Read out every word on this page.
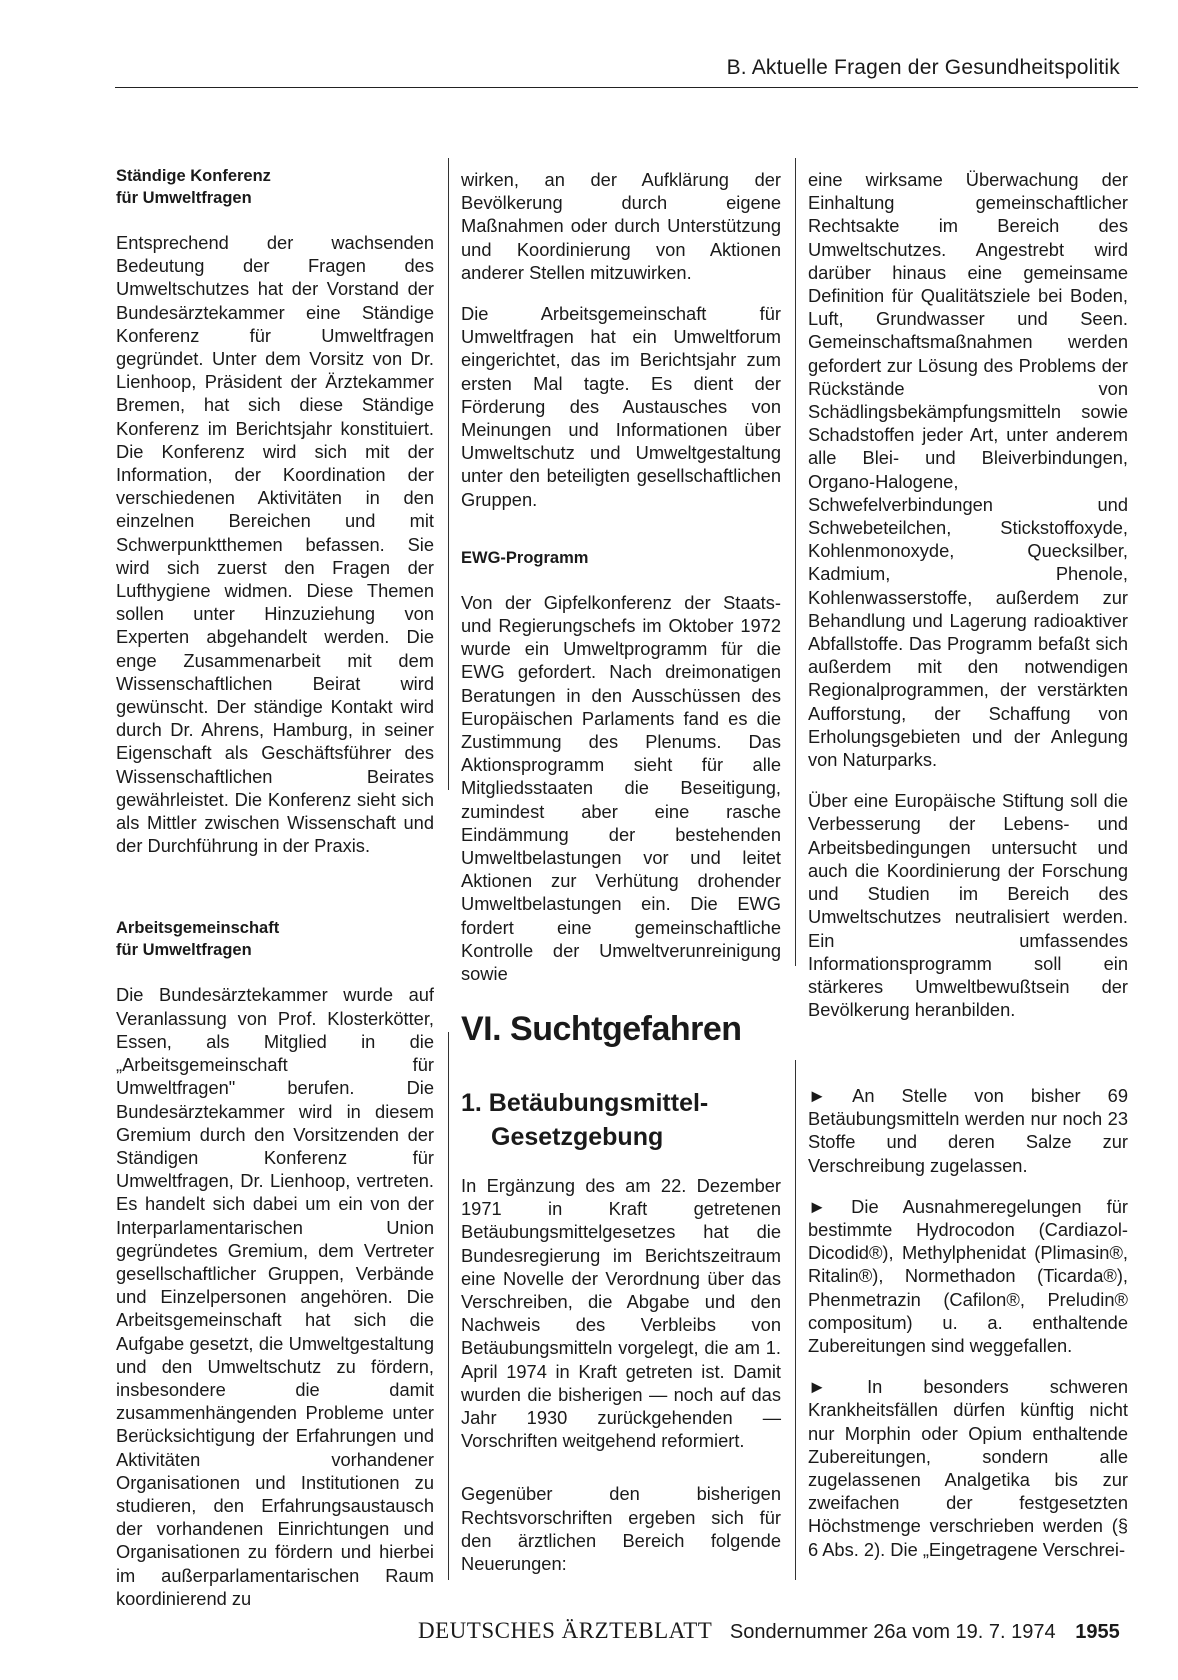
B. Aktuelle Fragen der Gesundheitspolitik
Ständige Konferenz
für Umweltfragen

Entsprechend der wachsenden Bedeutung der Fragen des Umweltschutzes hat der Vorstand der Bundesärztekammer eine Ständige Konferenz für Umweltfragen gegründet. Unter dem Vorsitz von Dr. Lienhoop, Präsident der Ärztekammer Bremen, hat sich diese Ständige Konferenz im Berichtsjahr konstituiert. Die Konferenz wird sich mit der Information, der Koordination der verschiedenen Aktivitäten in den einzelnen Bereichen und mit Schwerpunktthemen befassen. Sie wird sich zuerst den Fragen der Lufthygiene widmen. Diese Themen sollen unter Hinzuziehung von Experten abgehandelt werden. Die enge Zusammenarbeit mit dem Wissenschaftlichen Beirat wird gewünscht. Der ständige Kontakt wird durch Dr. Ahrens, Hamburg, in seiner Eigenschaft als Geschäftsführer des Wissenschaftlichen Beirates gewährleistet. Die Konferenz sieht sich als Mittler zwischen Wissenschaft und der Durchführung in der Praxis.

Arbeitsgemeinschaft
für Umweltfragen

Die Bundesärztekammer wurde auf Veranlassung von Prof. Klosterkötter, Essen, als Mitglied in die „Arbeitsgemeinschaft für Umweltfragen" berufen. Die Bundesärztekammer wird in diesem Gremium durch den Vorsitzenden der Ständigen Konferenz für Umweltfragen, Dr. Lienhoop, vertreten. Es handelt sich dabei um ein von der Interparlamentarischen Union gegründetes Gremium, dem Vertreter gesellschaftlicher Gruppen, Verbände und Einzelpersonen angehören. Die Arbeitsgemeinschaft hat sich die Aufgabe gesetzt, die Umweltgestaltung und den Umweltschutz zu fördern, insbesondere die damit zusammenhängenden Probleme unter Berücksichtigung der Erfahrungen und Aktivitäten vorhandener Organisationen und Institutionen zu studieren, den Erfahrungsaustausch der vorhandenen Einrichtungen und Organisationen zu fördern und hierbei im außerparlamentarischen Raum koordinierend zu

wirken, an der Aufklärung der Bevölkerung durch eigene Maßnahmen oder durch Unterstützung und Koordinierung von Aktionen anderer Stellen mitzuwirken.

Die Arbeitsgemeinschaft für Umweltfragen hat ein Umweltforum eingerichtet, das im Berichtsjahr zum ersten Mal tagte. Es dient der Förderung des Austausches von Meinungen und Informationen über Umweltschutz und Umweltgestaltung unter den beteiligten gesellschaftlichen Gruppen.

EWG-Programm

Von der Gipfelkonferenz der Staats- und Regierungschefs im Oktober 1972 wurde ein Umweltprogramm für die EWG gefordert. Nach dreimonatigen Beratungen in den Ausschüssen des Europäischen Parlaments fand es die Zustimmung des Plenums. Das Aktionsprogramm sieht für alle Mitgliedsstaaten die Beseitigung, zumindest aber eine rasche Eindämmung der bestehenden Umweltbelastungen vor und leitet Aktionen zur Verhütung drohender Umweltbelastungen ein. Die EWG fordert eine gemeinschaftliche Kontrolle der Umweltverunreinigung sowie

eine wirksame Überwachung der Einhaltung gemeinschaftlicher Rechtsakte im Bereich des Umweltschutzes. Angestrebt wird darüber hinaus eine gemeinsame Definition für Qualitätsziele bei Boden, Luft, Grundwasser und Seen. Gemeinschaftsmaßnahmen werden gefordert zur Lösung des Problems der Rückstände von Schädlingsbekämpfungsmitteln sowie Schadstoffen jeder Art, unter anderem alle Blei- und Bleiverbindungen, Organo-Halogene, Schwefelverbindungen und Schwebeteilchen, Stickstoffoxyde, Kohlenmonoxyde, Quecksilber, Kadmium, Phenole, Kohlenwasserstoffe, außerdem zur Behandlung und Lagerung radioaktiver Abfallstoffe. Das Programm befaßt sich außerdem mit den notwendigen Regionalprogrammen, der verstärkten Aufforstung, der Schaffung von Erholungsgebieten und der Anlegung von Naturparks.

Über eine Europäische Stiftung soll die Verbesserung der Lebens- und Arbeitsbedingungen untersucht und auch die Koordinierung der Forschung und Studien im Bereich des Umweltschutzes neutralisiert werden. Ein umfassendes Informationsprogramm soll ein stärkeres Umweltbewußtsein der Bevölkerung heranbilden.

VI. Suchtgefahren
1. Betäubungsmittel-
Gesetzgebung

In Ergänzung des am 22. Dezember 1971 in Kraft getretenen Betäubungsmittelgesetzes hat die Bundesregierung im Berichtszeitraum eine Novelle der Verordnung über das Verschreiben, die Abgabe und den Nachweis des Verbleibs von Betäubungsmitteln vorgelegt, die am 1. April 1974 in Kraft getreten ist. Damit wurden die bisherigen — noch auf das Jahr 1930 zurückgehenden — Vorschriften weitgehend reformiert.

Gegenüber den bisherigen Rechtsvorschriften ergeben sich für den ärztlichen Bereich folgende Neuerungen:

► An Stelle von bisher 69 Betäubungsmitteln werden nur noch 23 Stoffe und deren Salze zur Verschreibung zugelassen.

► Die Ausnahmeregelungen für bestimmte Hydrocodon (Cardiazol-Dicodid®), Methylphenidat (Plimasin®, Ritalin®), Normethadon (Ticarda®), Phenmetrazin (Cafilon®, Preludin® compositum) u. a. enthaltende Zubereitungen sind weggefallen.

► In besonders schweren Krankheitsfällen dürfen künftig nicht nur Morphin oder Opium enthaltende Zubereitungen, sondern alle zugelassenen Analgetika bis zur zweifachen der festgesetzten Höchstmenge verschrieben werden (§ 6 Abs. 2). Die „Eingetragene Verschrei-

DEUTSCHES ÄRZTEBLATT Sondernummer 26a vom 19. 7. 1974 1955
